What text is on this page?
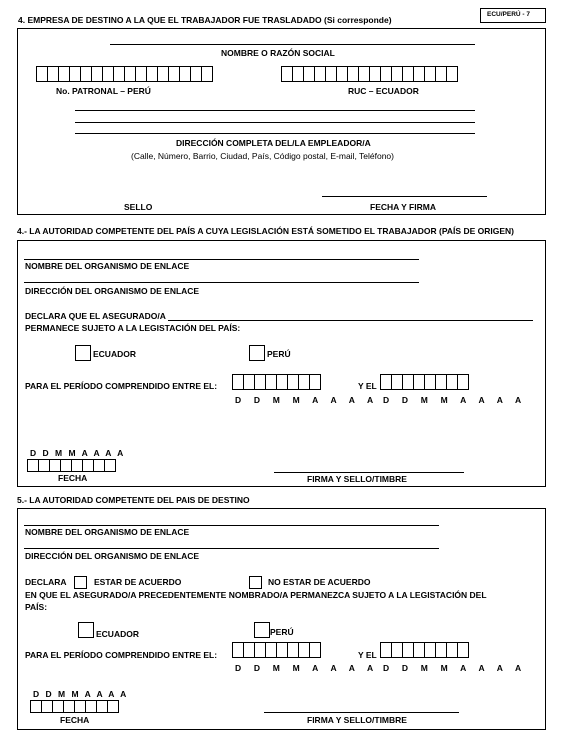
ECU/PERÚ - 7
4. EMPRESA DE DESTINO A LA QUE EL TRABAJADOR FUE TRASLADADO (Si corresponde)
NOMBRE O RAZÓN SOCIAL
No. PATRONAL – PERÚ	RUC – ECUADOR
DIRECCIÓN COMPLETA DEL/LA EMPLEADOR/A
(Calle, Número, Barrio, Ciudad, País, Código postal, E-mail, Teléfono)
SELLO	FECHA Y FIRMA
4.- LA AUTORIDAD COMPETENTE DEL PAÍS A CUYA LEGISLACIÓN ESTÁ SOMETIDO EL TRABAJADOR (PAÍS DE ORIGEN)
NOMBRE DEL ORGANISMO DE ENLACE
DIRECCIÓN DEL ORGANISMO DE ENLACE
DECLARA QUE EL ASEGURADO/A
PERMANECE SUJETO A LA LEGISTACIÓN DEL PAÍS:
ECUADOR	PERÚ
PARA EL PERÍODO COMPRENDIDO ENTRE EL:
D D M M A A A A
Y EL
D D M M A A A A
D D M M A A A A
FECHA	FIRMA Y SELLO/TIMBRE
5.- LA AUTORIDAD COMPETENTE DEL PAIS DE DESTINO
NOMBRE DEL ORGANISMO DE ENLACE
DIRECCIÓN DEL ORGANISMO DE ENLACE
DECLARA	ESTAR DE ACUERDO	NO ESTAR DE ACUERDO
EN QUE EL ASEGURADO/A PRECEDENTEMENTE NOMBRADO/A PERMANEZCA SUJETO A LA LEGISTACIÓN DEL
PAÍS:
ECUADOR	PERÚ
PARA EL PERÍODO COMPRENDIDO ENTRE EL:
D D M M A A A A
Y EL
D D M M A A A A
D D M M A A A A
FECHA	FIRMA Y SELLO/TIMBRE
